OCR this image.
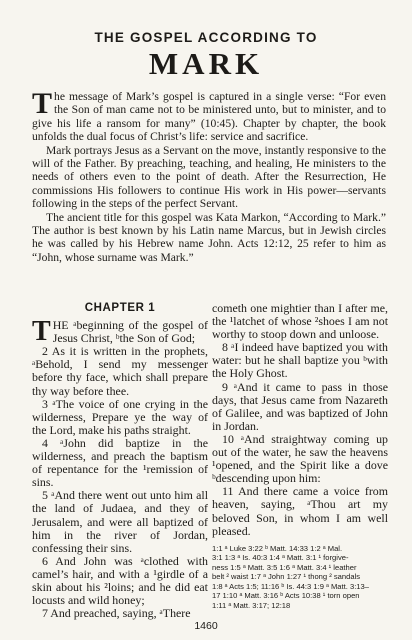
THE GOSPEL ACCORDING TO
MARK

The message of Mark’s gospel is captured in a single verse: “For even the Son of man came not to be ministered unto, but to minister, and to give his life a ransom for many” (10:45). Chapter by chapter, the book unfolds the dual focus of Christ’s life: service and sacrifice.

Mark portrays Jesus as a Servant on the move, instantly responsive to the will of the Father. By preaching, teaching, and healing, He ministers to the needs of others even to the point of death. After the Resurrection, He commissions His followers to continue His work in His power—servants following in the steps of the perfect Servant.

The ancient title for this gospel was Kata Markon, “According to Mark.” The author is best known by his Latin name Marcus, but in Jewish circles he was called by his Hebrew name John. Acts 12:12, 25 refer to him as “John, whose surname was Mark.”

CHAPTER 1

THE ᵃbeginning of the gospel of Jesus Christ, ᵇthe Son of God;

2 As it is written in the prophets, ᵃBehold, I send my messenger before thy face, which shall prepare thy way before thee.

3 ᵃThe voice of one crying in the wilderness, Prepare ye the way of the Lord, make his paths straight.

4 ᵃJohn did baptize in the wilderness, and preach the baptism of repentance for the ¹remission of sins.

5 ᵃAnd there went out unto him all the land of Judaea, and they of Jerusalem, and were all baptized of him in the river of Jordan, confessing their sins.

6 And John was ᵃclothed with camel’s hair, and with a ¹girdle of a skin about his ²loins; and he did eat locusts and wild honey;

7 And preached, saying, ᵃThere

cometh one mightier than I after me, the ¹latchet of whose ²shoes I am not worthy to stoop down and unloose.

8 ᵃI indeed have baptized you with water: but he shall baptize you ᵇwith the Holy Ghost.

9 ᵃAnd it came to pass in those days, that Jesus came from Nazareth of Galilee, and was baptized of John in Jordan.

10 ᵃAnd straightway coming up out of the water, he saw the heavens ¹opened, and the Spirit like a dove ᵇdescending upon him:

11 And there came a voice from heaven, saying, ᵃThou art my beloved Son, in whom I am well pleased.

1:1 ᵃ Luke 3:22 ᵇ Matt. 14:33 1:2 ᵃ Mal.
3:1 1:3 ᵃ Is. 40:3 1:4 ᵃ Matt. 3:1 ¹ forgive-
ness 1:5 ᵃ Matt. 3:5 1:6 ᵃ Matt. 3:4 ¹ leather
belt ² waist 1:7 ᵃ John 1:27 ¹ thong ² sandals
1:8 ᵃ Acts 1:5; 11:16 ᵇ Is. 44:3 1:9 ᵃ Matt. 3:13–
17 1:10 ᵃ Matt. 3:16 ᵇ Acts 10:38 ¹ torn open
1:11 ᵃ Matt. 3:17; 12:18
1460
